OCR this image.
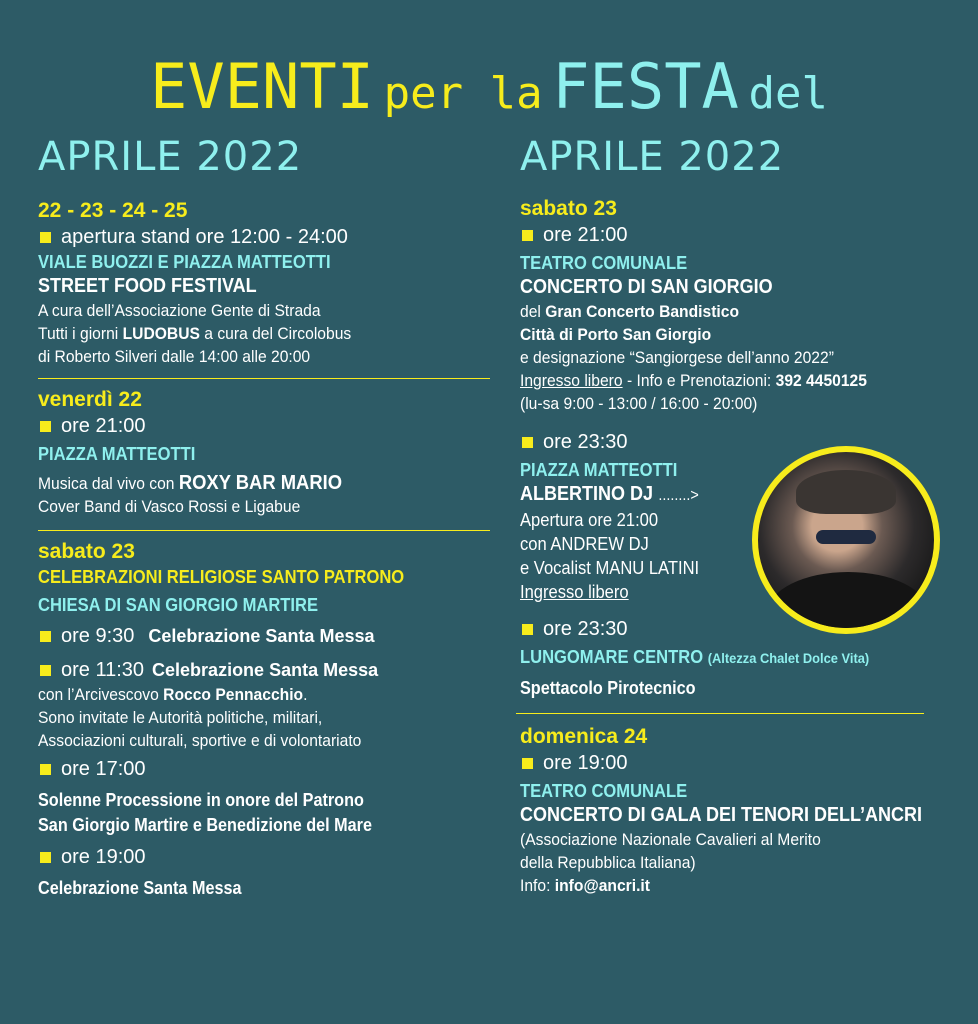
EVENTI per la FESTA del
APRILE 2022	APRILE 2022
22 - 23 - 24 - 25
apertura stand ore 12:00 - 24:00
VIALE BUOZZI E PIAZZA MATTEOTTI
STREET FOOD FESTIVAL
A cura dell’Associazione Gente di Strada
Tutti i giorni LUDOBUS a cura del Circolobus
di Roberto Silveri dalle 14:00 alle 20:00
venerdì 22
ore 21:00
PIAZZA MATTEOTTI
Musica dal vivo con ROXY BAR MARIO
Cover Band di Vasco Rossi e Ligabue
sabato 23
CELEBRAZIONI RELIGIOSE SANTO PATRONO
CHIESA DI SAN GIORGIO MARTIRE
ore 9:30 Celebrazione Santa Messa
ore 11:30 Celebrazione Santa Messa
con l’Arcivescovo Rocco Pennacchio.
Sono invitate le Autorità politiche, militari,
Associazioni culturali, sportive e di volontariato
ore 17:00
Solenne Processione in onore del Patrono
San Giorgio Martire e Benedizione del Mare
ore 19:00
Celebrazione Santa Messa
sabato 23
ore 21:00
TEATRO COMUNALE
CONCERTO DI SAN GIORGIO
del Gran Concerto Bandistico
Città di Porto San Giorgio
e designazione “Sangiorgese dell’anno 2022”
Ingresso libero - Info e Prenotazioni: 392 4450125
(lu-sa 9:00 - 13:00 / 16:00 - 20:00)
ore 23:30
PIAZZA MATTEOTTI
ALBERTINO DJ ........>
Apertura ore 21:00
con ANDREW DJ
e Vocalist MANU LATINI
Ingresso libero
ore 23:30
LUNGOMARE CENTRO (Altezza Chalet Dolce Vita)
Spettacolo Pirotecnico
domenica 24
ore 19:00
TEATRO COMUNALE
CONCERTO DI GALA DEI TENORI DELL’ANCRI
(Associazione Nazionale Cavalieri al Merito
della Repubblica Italiana)
Info: info@ancri.it
